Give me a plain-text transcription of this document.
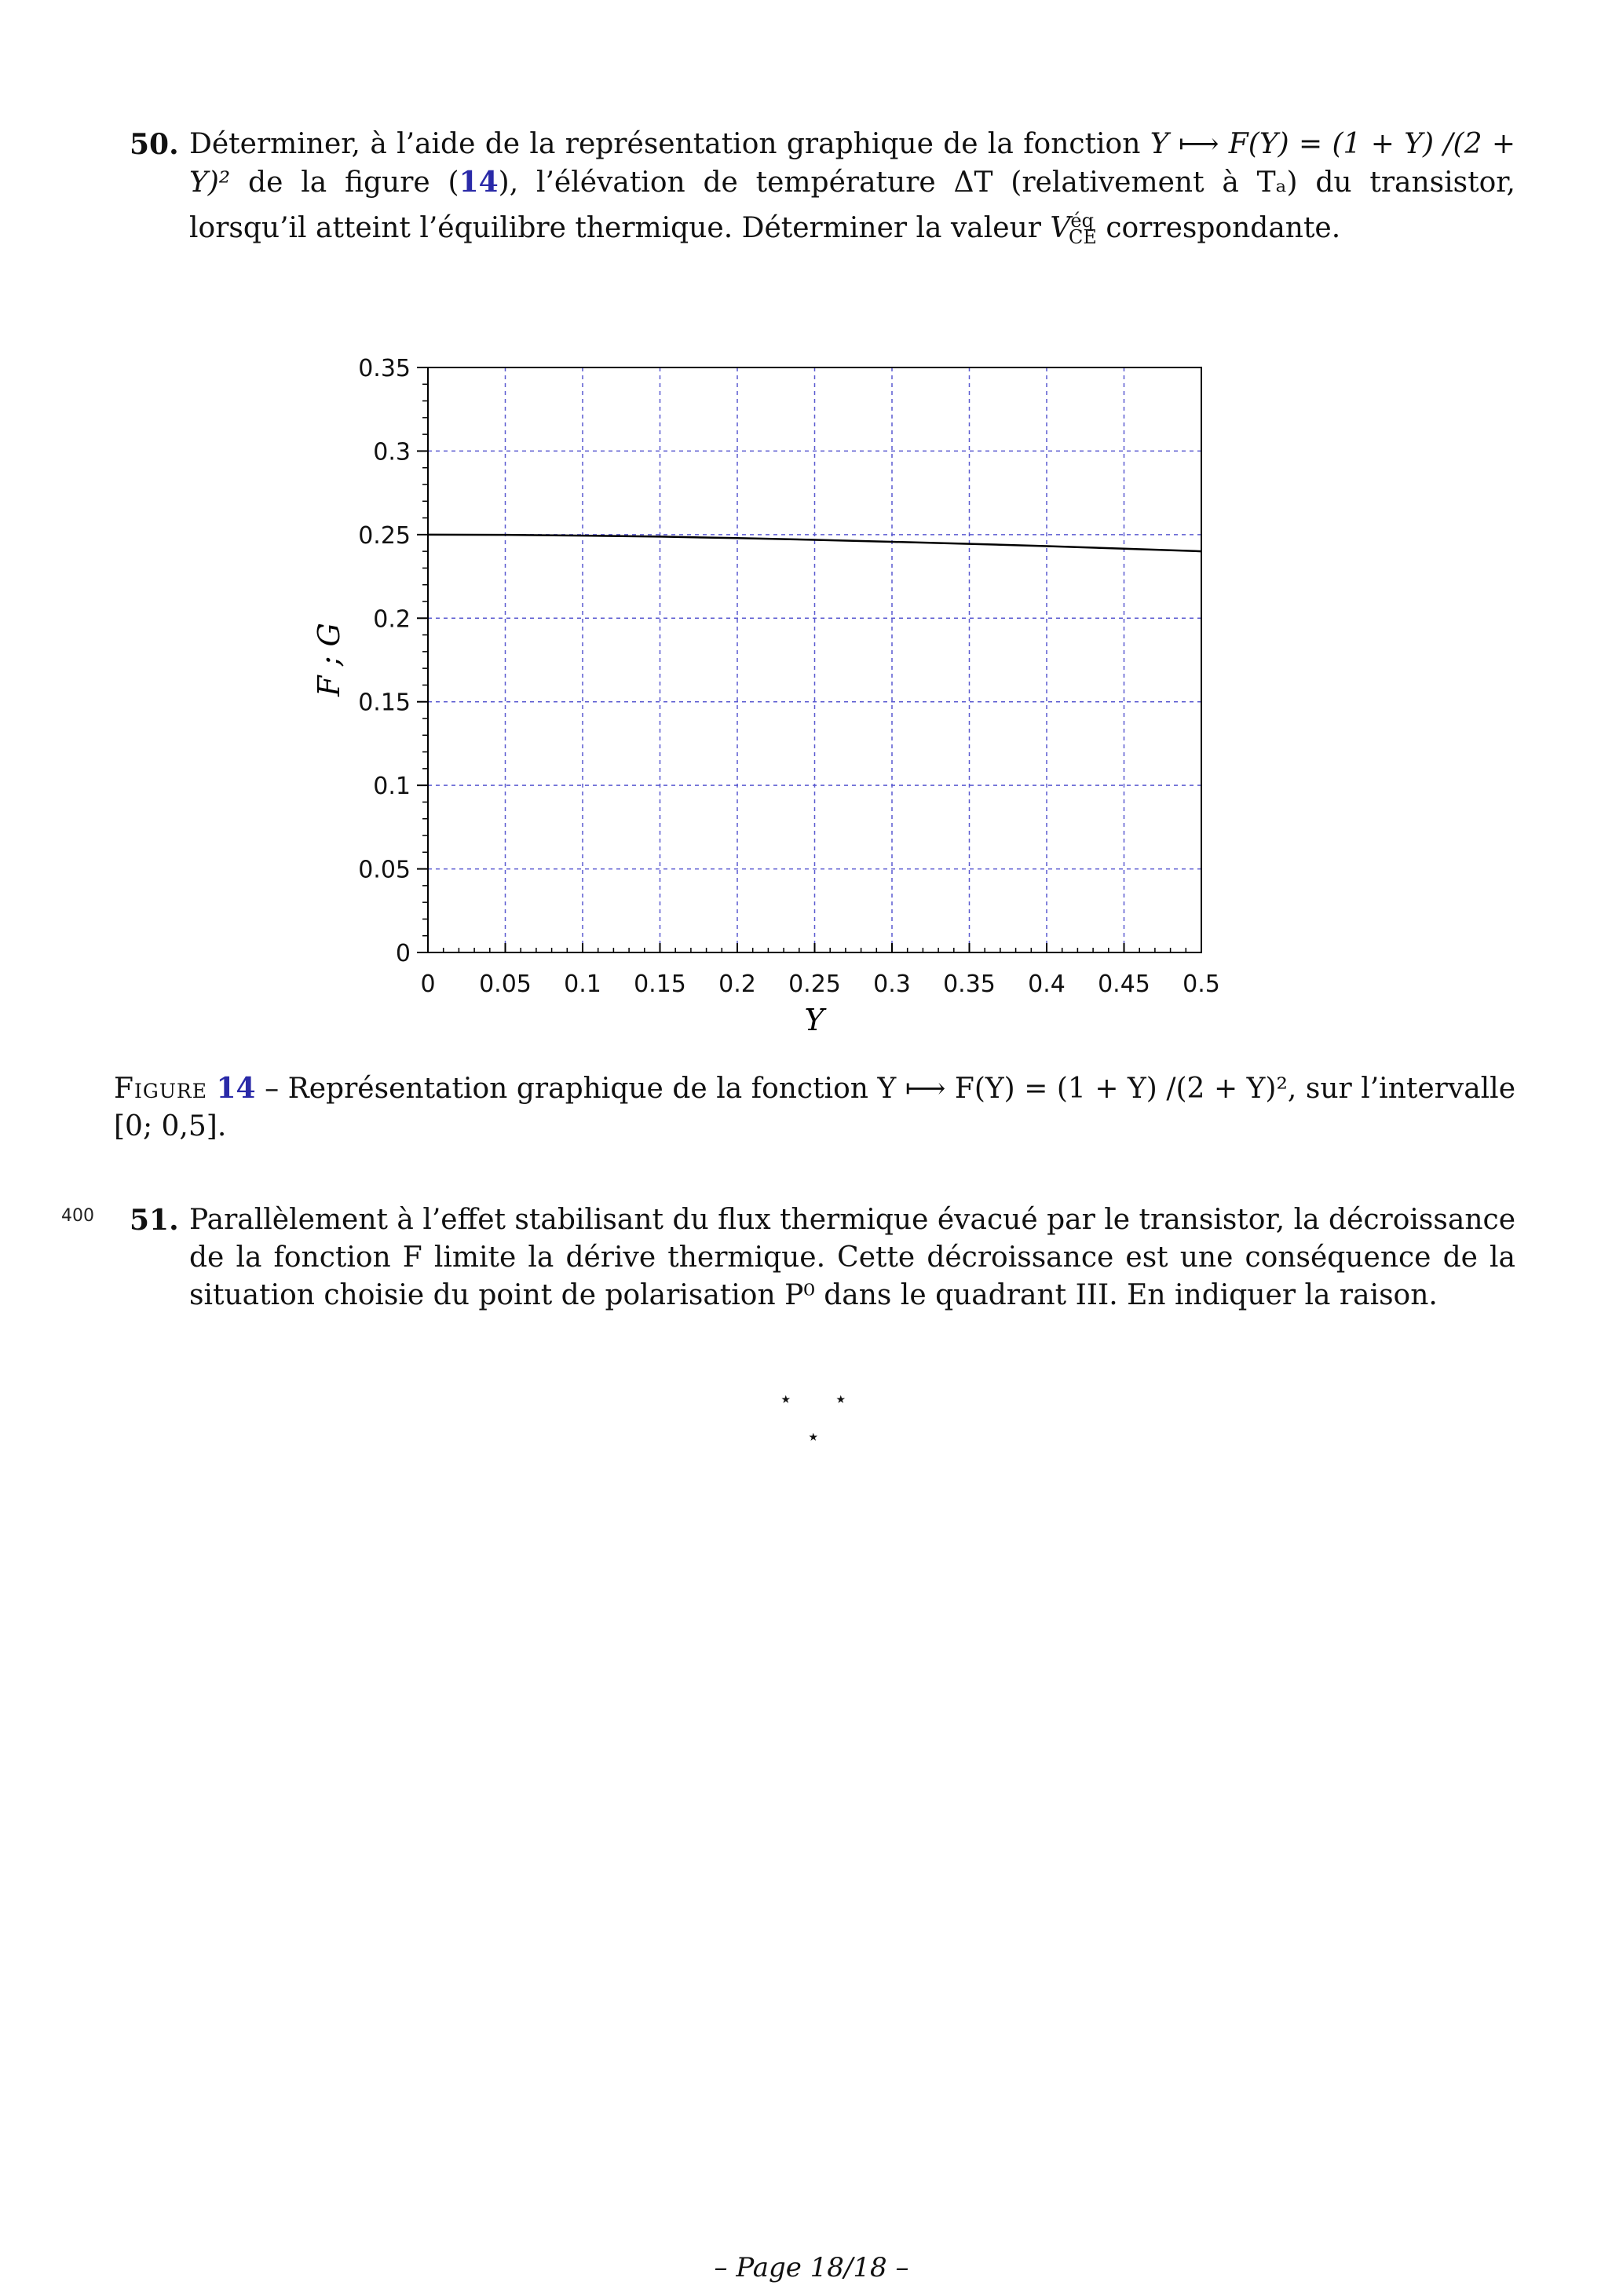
50. Déterminer, à l’aide de la représentation graphique de la fonction Y ⟼ F(Y) = (1 + Y) /(2 + Y)² de la figure (14), l’élévation de température ΔT (relativement à Tₐ) du transistor, lorsqu’il atteint l’équilibre thermique. Déterminer la valeur $V^{éq}_{CE}$ correspondante.
0 0.05 0.1 0.15 0.2 0.25 0.3 0.35 0.4 0.45 0.5
0
0.05
0.1
0.15
0.2
0.25
0.3
0.35
Y
F ; G
Figure 14 – Représentation graphique de la fonction Y ⟼ F(Y) = (1 + Y) /(2 + Y)², sur l’intervalle [0; 0,5].
400 51. Parallèlement à l’effet stabilisant du flux thermique évacué par le transistor, la décroissance de la fonction F limite la dérive thermique. Cette décroissance est une conséquence de la situation choisie du point de polarisation P⁰ dans le quadrant III. En indiquer la raison.
⋆ ⋆
⋆
– Page 18/18 –
